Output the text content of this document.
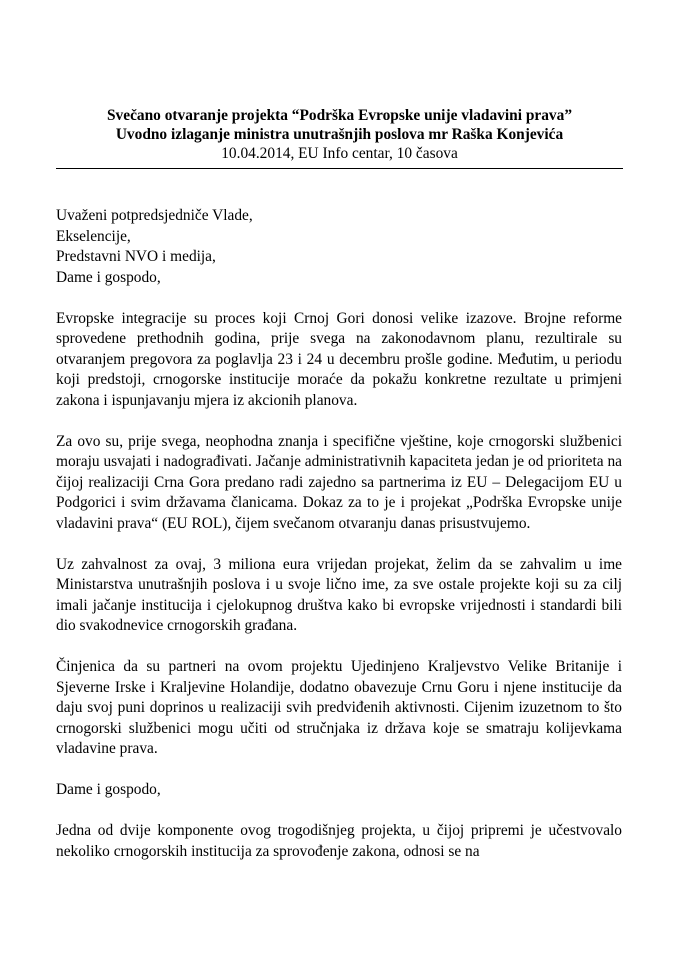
Svečano otvaranje projekta “Podrška Evropske unije vladavini prava”
Uvodno izlaganje ministra unutrašnjih poslova mr Raška Konjevića
10.04.2014, EU Info centar, 10 časova

Uvaženi potpredsjedniče Vlade,

Ekselencije,

Predstavni NVO i medija,

Dame i gospodo,

Evropske integracije su proces koji Crnoj Gori donosi velike izazove. Brojne reforme sprovedene prethodnih godina, prije svega na zakonodavnom planu, rezultirale su otvaranjem pregovora za poglavlja 23 i 24 u decembru prošle godine. Međutim, u periodu koji predstoji, crnogorske institucije moraće da pokažu konkretne rezultate u primjeni zakona i ispunjavanju mjera iz akcionih planova.

Za ovo su, prije svega, neophodna znanja i specifične vještine, koje crnogorski službenici moraju usvajati i nadograđivati. Jačanje administrativnih kapaciteta jedan je od prioriteta na čijoj realizaciji Crna Gora predano radi zajedno sa partnerima iz EU – Delegacijom EU u Podgorici i svim državama članicama. Dokaz za to je i projekat „Podrška Evropske unije vladavini prava“ (EU ROL), čijem svečanom otvaranju danas prisustvujemo.

Uz zahvalnost za ovaj, 3 miliona eura vrijedan projekat, želim da se zahvalim u ime Ministarstva unutrašnjih poslova i u svoje lično ime, za sve ostale projekte koji su za cilj imali jačanje institucija i cjelokupnog društva kako bi evropske vrijednosti i standardi bili dio svakodnevice crnogorskih građana.

Činjenica da su partneri na ovom projektu Ujedinjeno Kraljevstvo Velike Britanije i Sjeverne Irske i Kraljevine Holandije, dodatno obavezuje Crnu Goru i njene institucije da daju svoj puni doprinos u realizaciji svih predviđenih aktivnosti. Cijenim izuzetnom to što crnogorski službenici mogu učiti od stručnjaka iz država koje se smatraju kolijevkama vladavine prava.

Dame i gospodo,

Jedna od dvije komponente ovog trogodišnjeg projekta, u čijoj pripremi je učestvovalo nekoliko crnogorskih institucija za sprovođenje zakona, odnosi se na
